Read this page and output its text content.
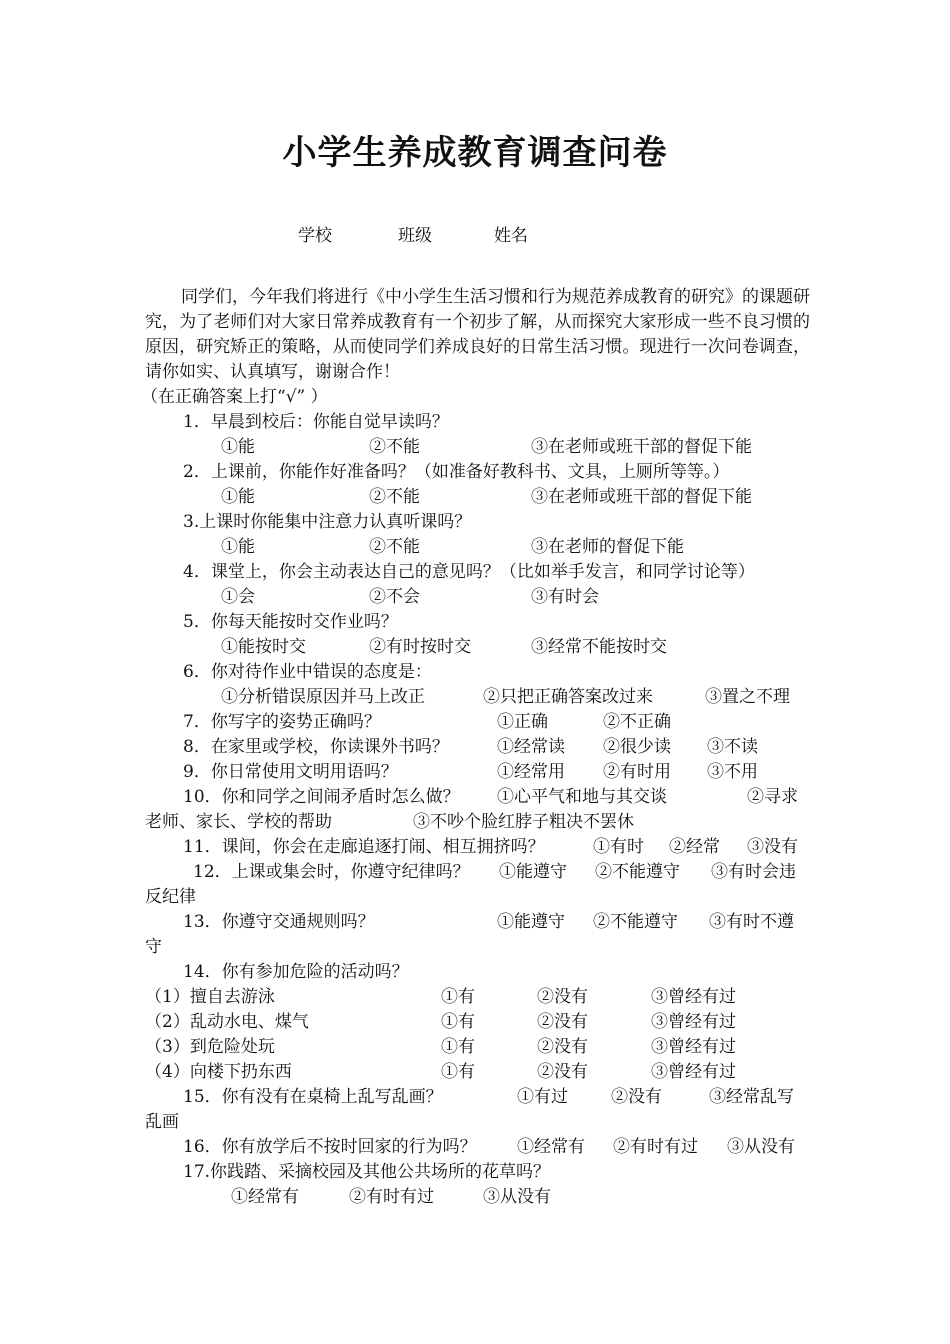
小学生养成教育调查问卷
学校	班级	姓名
同学们，今年我们将进行《中小学生生活习惯和行为规范养成教育的研究》的课题研究，为了老师们对大家日常养成教育有一个初步了解，从而探究大家形成一些不良习惯的原因，研究矫正的策略，从而使同学们养成良好的日常生活习惯。现进行一次问卷调查，请你如实、认真填写，谢谢合作！
（在正确答案上打“√” ）
1．早晨到校后：你能自觉早读吗？
①能	②不能	③在老师或班干部的督促下能
2．上课前，你能作好准备吗？（如准备好教科书、文具，上厕所等等。）
①能	②不能	③在老师或班干部的督促下能
3.上课时你能集中注意力认真听课吗？
①能	②不能	③在老师的督促下能
4．课堂上，你会主动表达自己的意见吗？（比如举手发言，和同学讨论等）
①会	②不会	③有时会
5．你每天能按时交作业吗？
①能按时交	②有时按时交	③经常不能按时交
6．你对待作业中错误的态度是：
①分析错误原因并马上改正	②只把正确答案改过来	③置之不理
7．你写字的姿势正确吗？	①正确	②不正确
8．在家里或学校，你读课外书吗？	①经常读 ②很少读 ③不读
9．你日常使用文明用语吗？	①经常用 ②有时用 ③不用
10．你和同学之间闹矛盾时怎么做？ ①心平气和地与其交谈	②寻求
老师、家长、学校的帮助	③不吵个脸红脖子粗决不罢休
11．课间，你会在走廊追逐打闹、相互拥挤吗？	①有时 ②经常 ③没有
12．上课或集会时，你遵守纪律吗？ ①能遵守 ②不能遵守 ③有时会违
反纪律
13．你遵守交通规则吗？	①能遵守 ②不能遵守 ③有时不遵
守
14．你有参加危险的活动吗？
（1）擅自去游泳	①有	②没有	③曾经有过
（2）乱动水电、煤气	①有	②没有	③曾经有过
（3）到危险处玩	①有	②没有	③曾经有过
（4）向楼下扔东西	①有	②没有	③曾经有过
15．你有没有在桌椅上乱写乱画？	①有过	②没有	③经常乱写
乱画
16．你有放学后不按时回家的行为吗？ ①经常有 ②有时有过 ③从没有
17.你践踏、采摘校园及其他公共场所的花草吗？
①经常有	②有时有过	③从没有
